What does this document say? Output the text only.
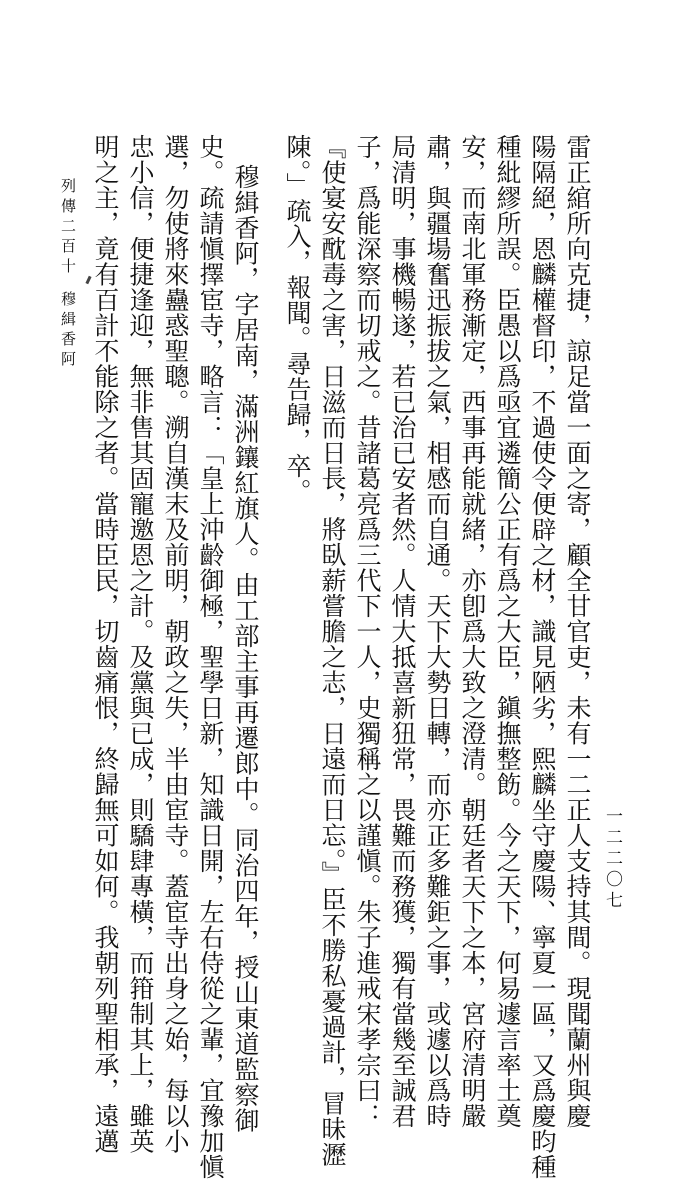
雷正綰所向克捷，諒足當一面之寄，顧全甘官吏，未有一二正人支持其間。現聞蘭州與慶
陽隔絕，恩麟權督印，不過使令便辟之材，識見陋劣，熙麟坐守慶陽、寧夏一區，又爲慶昀種
種紕繆所誤。臣愚以爲亟宜遴簡公正有爲之大臣，鎭撫整飭。今之天下，何易遽言率土奠
安，而南北軍務漸定，西事再能就緒，亦卽爲大致之澄清。朝廷者天下之本，宮府清明嚴
肅，與疆場奮迅振拔之氣，相感而自通。天下大勢日轉，而亦正多難鉅之事，或遽以爲時
局清明，事機暢遂，若已治已安者然。人情大抵喜新狃常，畏難而務獲，獨有當幾至誠君
子，爲能深察而切戒之。昔諸葛亮爲三代下一人，史獨稱之以謹愼。朱子進戒宋孝宗曰：
『使宴安酖毒之害，日滋而日長，將臥薪嘗膽之志，日遠而日忘。』臣不勝私憂過計，冒昧瀝
陳。」疏入，報聞。尋告歸，卒。
穆緝香阿，字居南，滿洲鑲紅旗人。由工部主事再遷郎中。同治四年，授山東道監察御
史。疏請愼擇宦寺，略言：「皇上沖齡御極，聖學日新，知識日開，左右侍從之輩，宜豫加愼
選，勿使將來蠱惑聖聰。溯自漢末及前明，朝政之失，半由宦寺。蓋宦寺出身之始，每以小
忠小信，便捷逢迎，無非售其固寵邀恩之計。及黨與已成，則驕肆專橫，而箝制其上，雖英
明之主，竟有百計不能除之者。當時臣民，切齒痛恨，終歸無可如何。我朝列聖相承，遠邁
列傳二百十
穆緝香阿
一二二〇七
